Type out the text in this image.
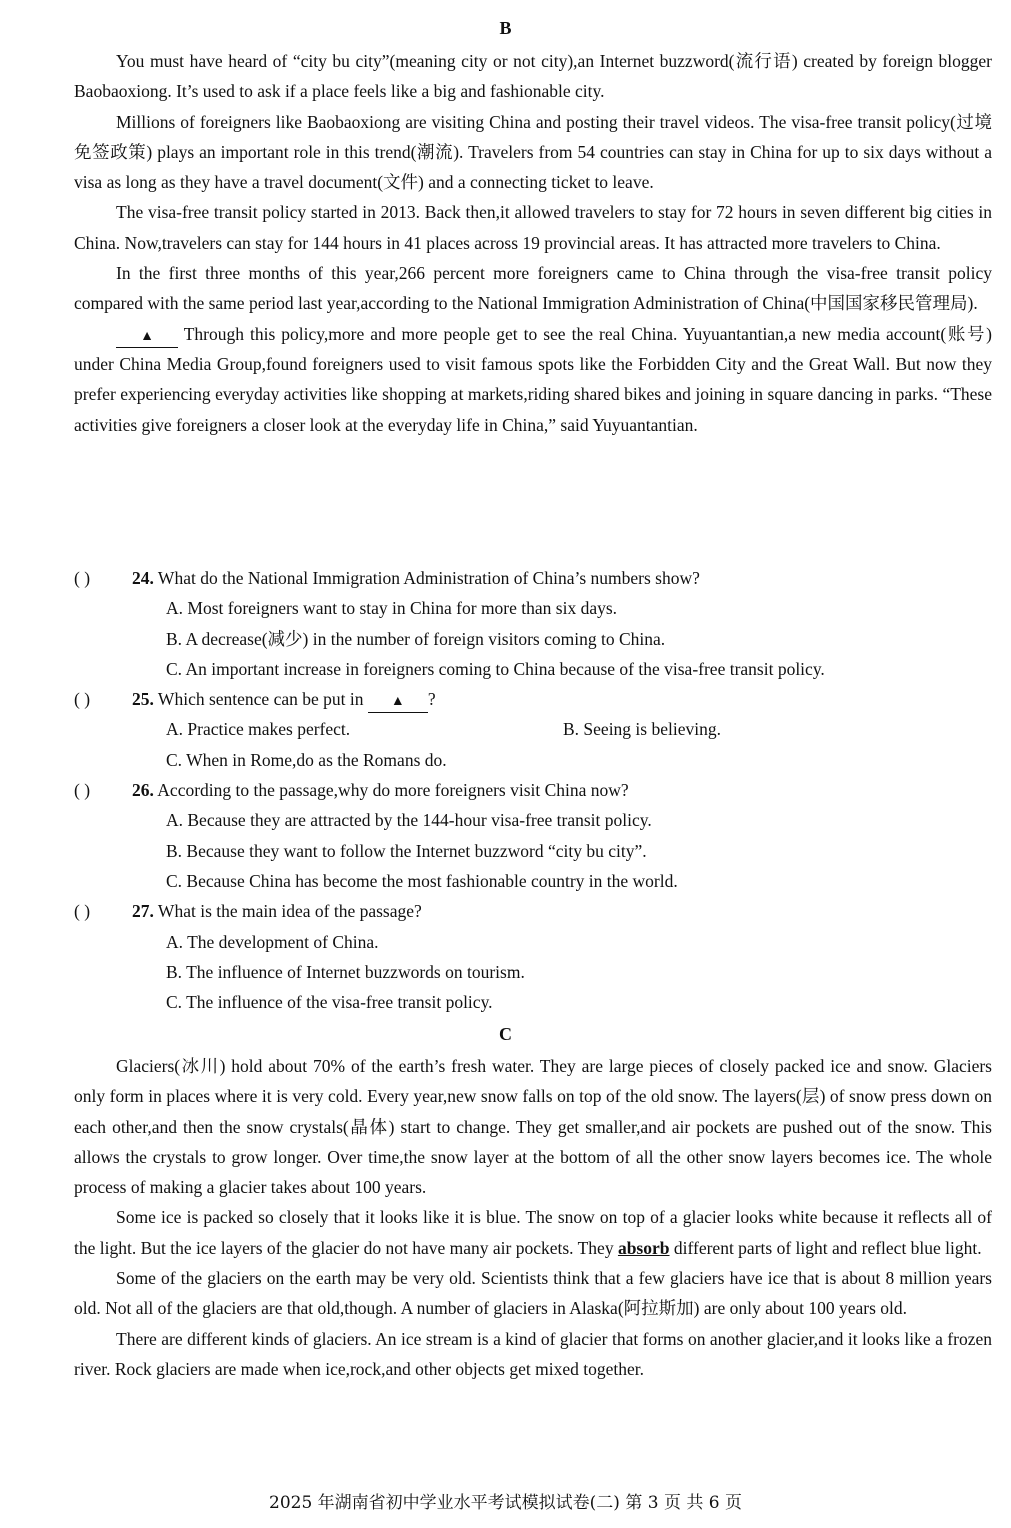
B

You must have heard of “city bu city”(meaning city or not city),an Internet buzzword(流行语) created by foreign blogger Baobaoxiong. It’s used to ask if a place feels like a big and fashionable city.

Millions of foreigners like Baobaoxiong are visiting China and posting their travel videos. The visa-free transit policy(过境免签政策) plays an important role in this trend(潮流). Travelers from 54 countries can stay in China for up to six days without a visa as long as they have a travel document(文件) and a connecting ticket to leave.

The visa-free transit policy started in 2013. Back then,it allowed travelers to stay for 72 hours in seven different big cities in China. Now,travelers can stay for 144 hours in 41 places across 19 provincial areas. It has attracted more travelers to China.

In the first three months of this year,266 percent more foreigners came to China through the visa-free transit policy compared with the same period last year,according to the National Immigration Administration of China(中国国家移民管理局).

▲ Through this policy,more and more people get to see the real China. Yuyuantantian,a new media account(账号) under China Media Group,found foreigners used to visit famous spots like the Forbidden City and the Great Wall. But now they prefer experiencing everyday activities like shopping at markets,riding shared bikes and joining in square dancing in parks. “These activities give foreigners a closer look at the everyday life in China,” said Yuyuantantian.

( ) 24. What do the National Immigration Administration of China’s numbers show?
A. Most foreigners want to stay in China for more than six days.
B. A decrease(减少) in the number of foreign visitors coming to China.
C. An important increase in foreigners coming to China because of the visa-free transit policy.
( ) 25. Which sentence can be put in ▲ ?
A. Practice makes perfect.	B. Seeing is believing.
C. When in Rome,do as the Romans do.
( ) 26. According to the passage,why do more foreigners visit China now?
A. Because they are attracted by the 144-hour visa-free transit policy.
B. Because they want to follow the Internet buzzword “city bu city”.
C. Because China has become the most fashionable country in the world.
( ) 27. What is the main idea of the passage?
A. The development of China.
B. The influence of Internet buzzwords on tourism.
C. The influence of the visa-free transit policy.
C

Glaciers(冰川) hold about 70% of the earth’s fresh water. They are large pieces of closely packed ice and snow. Glaciers only form in places where it is very cold. Every year,new snow falls on top of the old snow. The layers(层) of snow press down on each other,and then the snow crystals(晶体) start to change. They get smaller,and air pockets are pushed out of the snow. This allows the crystals to grow longer. Over time,the snow layer at the bottom of all the other snow layers becomes ice. The whole process of making a glacier takes about 100 years.

Some ice is packed so closely that it looks like it is blue. The snow on top of a glacier looks white because it reflects all of the light. But the ice layers of the glacier do not have many air pockets. They absorb different parts of light and reflect blue light.

Some of the glaciers on the earth may be very old. Scientists think that a few glaciers have ice that is about 8 million years old. Not all of the glaciers are that old,though. A number of glaciers in Alaska(阿拉斯加) are only about 100 years old.

There are different kinds of glaciers. An ice stream is a kind of glacier that forms on another glacier,and it looks like a frozen river. Rock glaciers are made when ice,rock,and other objects get mixed together.

2025 年湖南省初中学业水平考试模拟试卷(二) 第 3 页 共 6 页
